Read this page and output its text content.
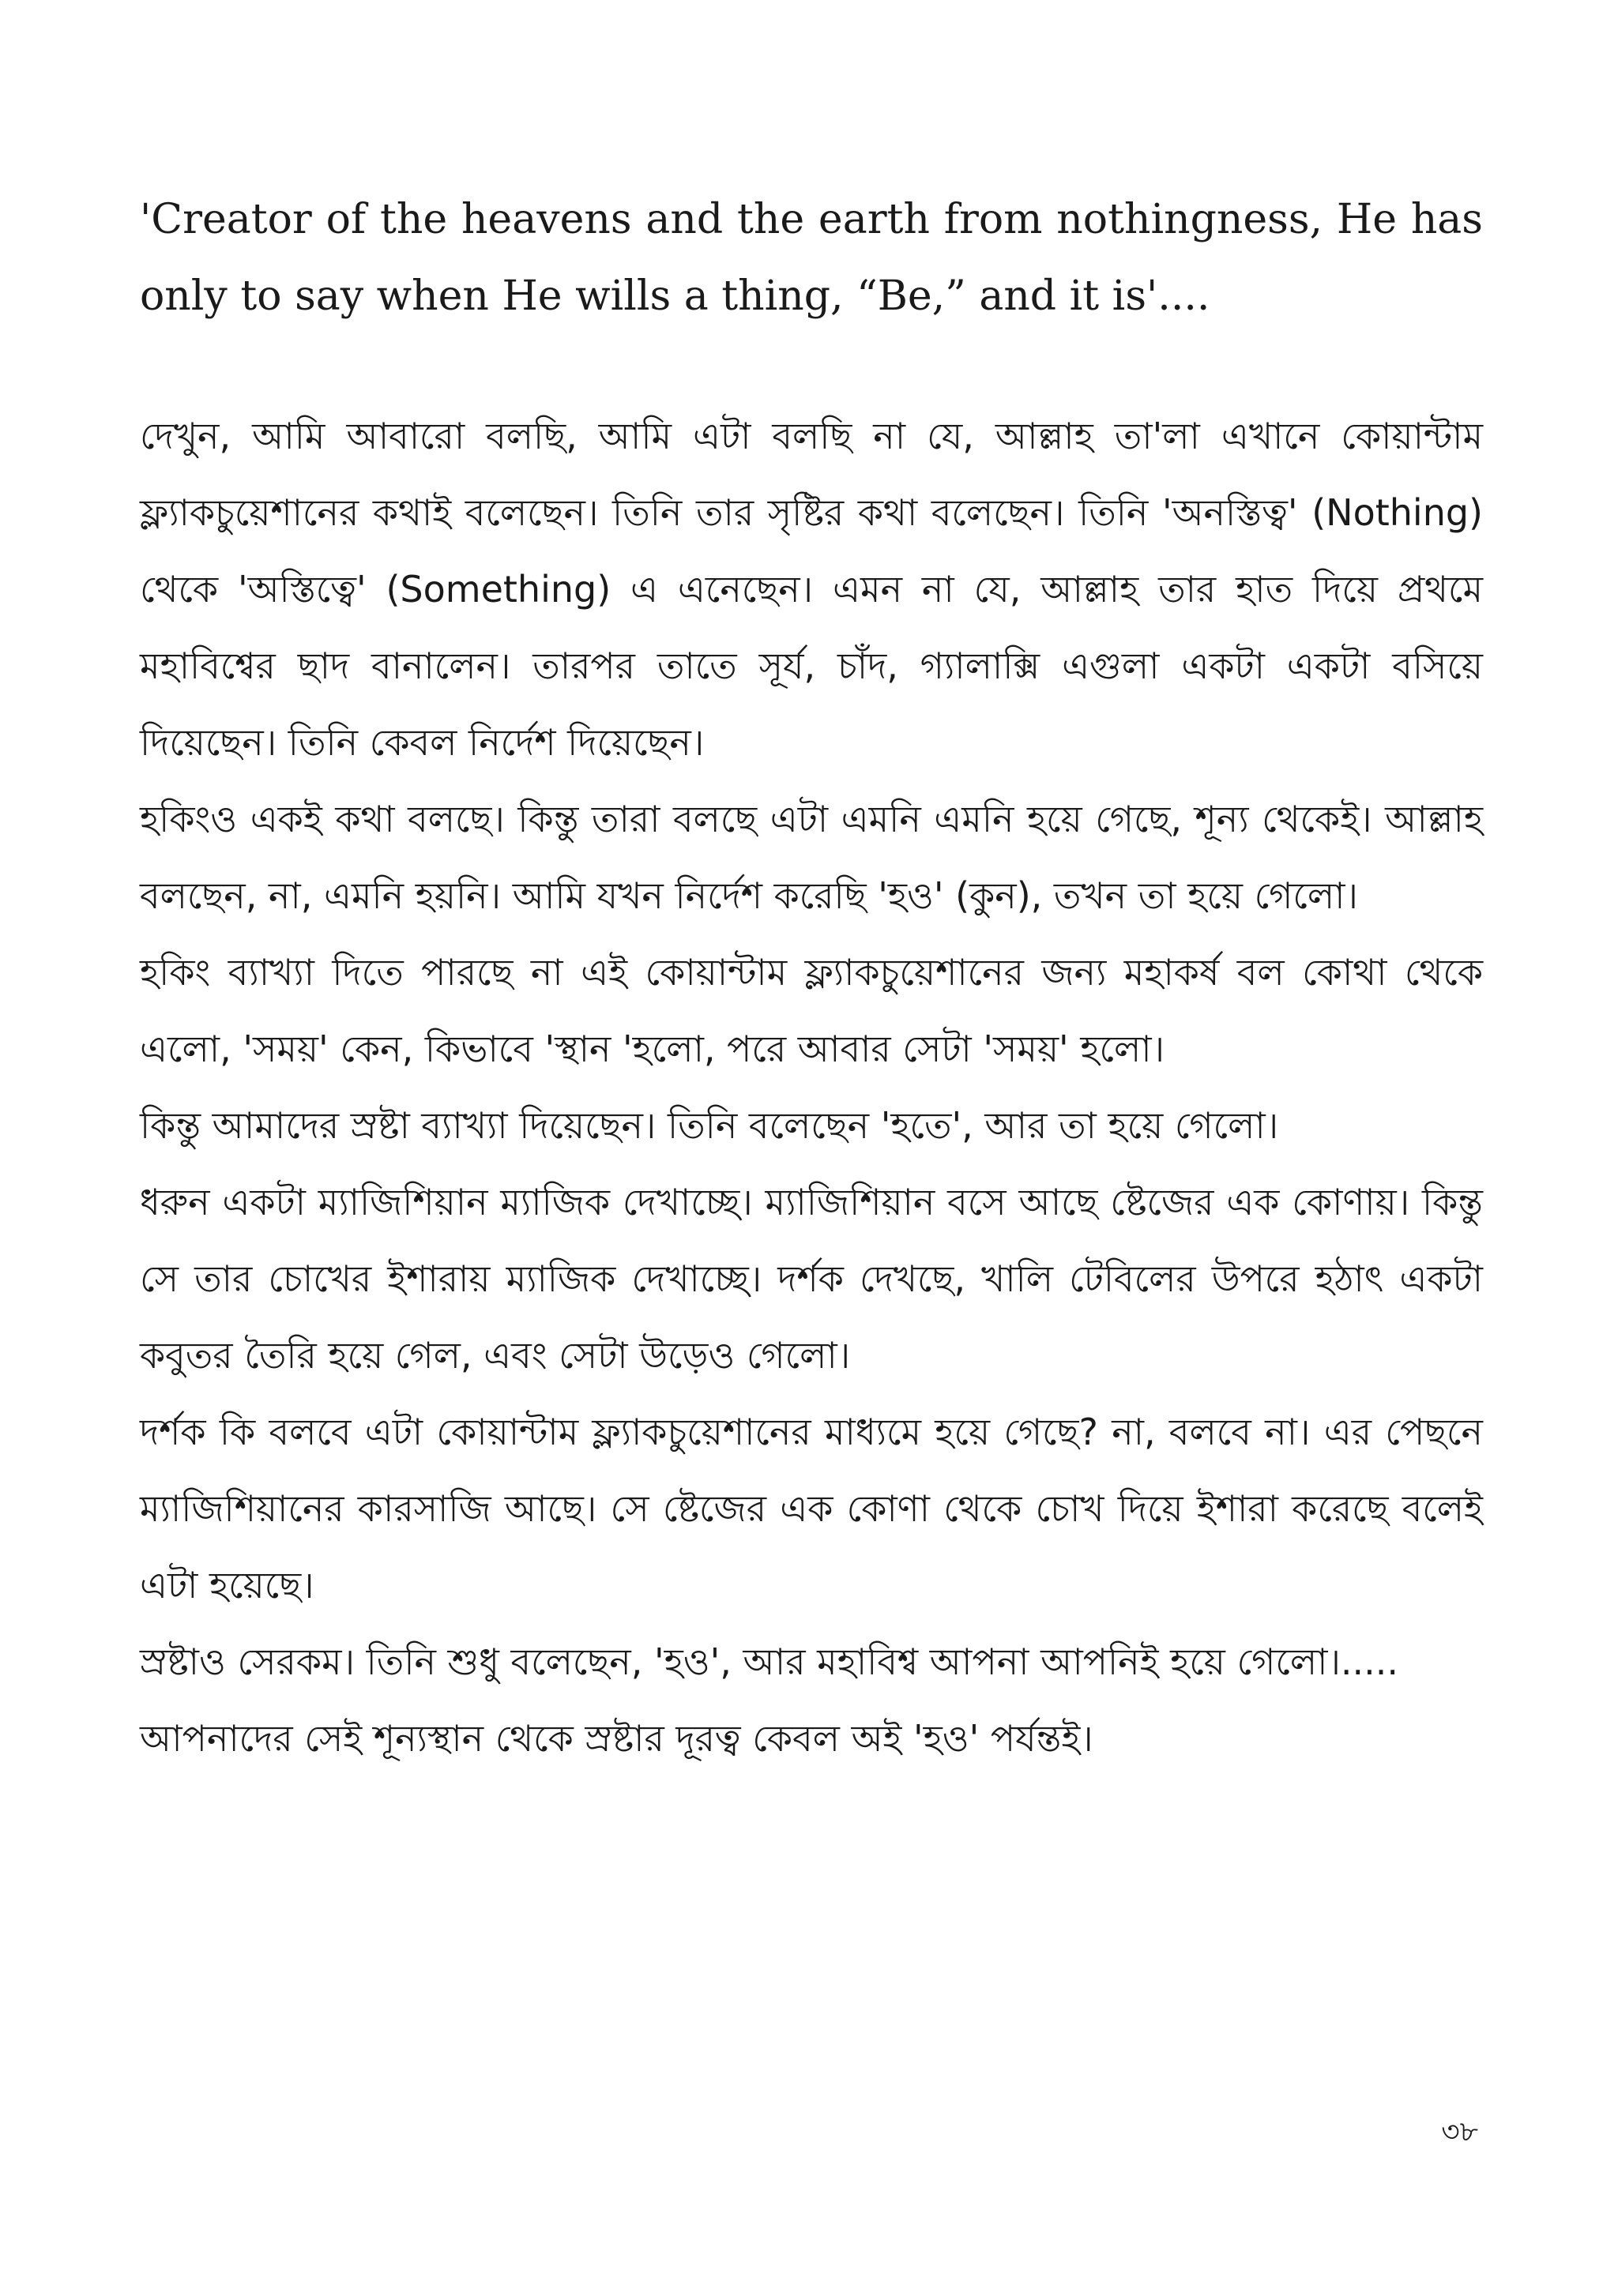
'Creator of the heavens and the earth from nothingness, He has only to say when He wills a thing, “Be,” and it is'....

দেখুন, আমি আবারো বলছি, আমি এটা বলছি না যে, আল্লাহ তা'লা এখানে কোয়ান্টাম ফ্ল্যাকচুয়েশানের কথাই বলেছেন। তিনি তার সৃষ্টির কথা বলেছেন। তিনি 'অনস্তিত্ব' (Nothing) থেকে 'অস্তিত্বে' (Something) এ এনেছেন। এমন না যে, আল্লাহ তার হাত দিয়ে প্রথমে মহাবিশ্বের ছাদ বানালেন। তারপর তাতে সূর্য, চাঁদ, গ্যালাক্সি এগুলা একটা একটা বসিয়ে দিয়েছেন। তিনি কেবল নির্দেশ দিয়েছেন।

হকিংও একই কথা বলছে। কিন্তু তারা বলছে এটা এমনি এমনি হয়ে গেছে, শূন্য থেকেই। আল্লাহ বলছেন, না, এমনি হয়নি। আমি যখন নির্দেশ করেছি 'হও' (কুন), তখন তা হয়ে গেলো।

হকিং ব্যাখ্যা দিতে পারছে না এই কোয়ান্টাম ফ্ল্যাকচুয়েশানের জন্য মহাকর্ষ বল কোথা থেকে এলো, 'সময়' কেন, কিভাবে 'স্থান 'হলো, পরে আবার সেটা 'সময়' হলো।

কিন্তু আমাদের স্রষ্টা ব্যাখ্যা দিয়েছেন। তিনি বলেছেন 'হতে', আর তা হয়ে গেলো।

ধরুন একটা ম্যাজিশিয়ান ম্যাজিক দেখাচ্ছে। ম্যাজিশিয়ান বসে আছে ষ্টেজের এক কোণায়। কিন্তু সে তার চোখের ইশারায় ম্যাজিক দেখাচ্ছে। দর্শক দেখছে, খালি টেবিলের উপরে হঠাৎ একটা কবুতর তৈরি হয়ে গেল, এবং সেটা উড়েও গেলো।

দর্শক কি বলবে এটা কোয়ান্টাম ফ্ল্যাকচুয়েশানের মাধ্যমে হয়ে গেছে? না, বলবে না। এর পেছনে ম্যাজিশিয়ানের কারসাজি আছে। সে ষ্টেজের এক কোণা থেকে চোখ দিয়ে ইশারা করেছে বলেই এটা হয়েছে।

স্রষ্টাও সেরকম। তিনি শুধু বলেছেন, 'হও', আর মহাবিশ্ব আপনা আপনিই হয়ে গেলো।.....

আপনাদের সেই শূন্যস্থান থেকে স্রষ্টার দূরত্ব কেবল অই 'হও' পর্যন্তই।

৩৮
